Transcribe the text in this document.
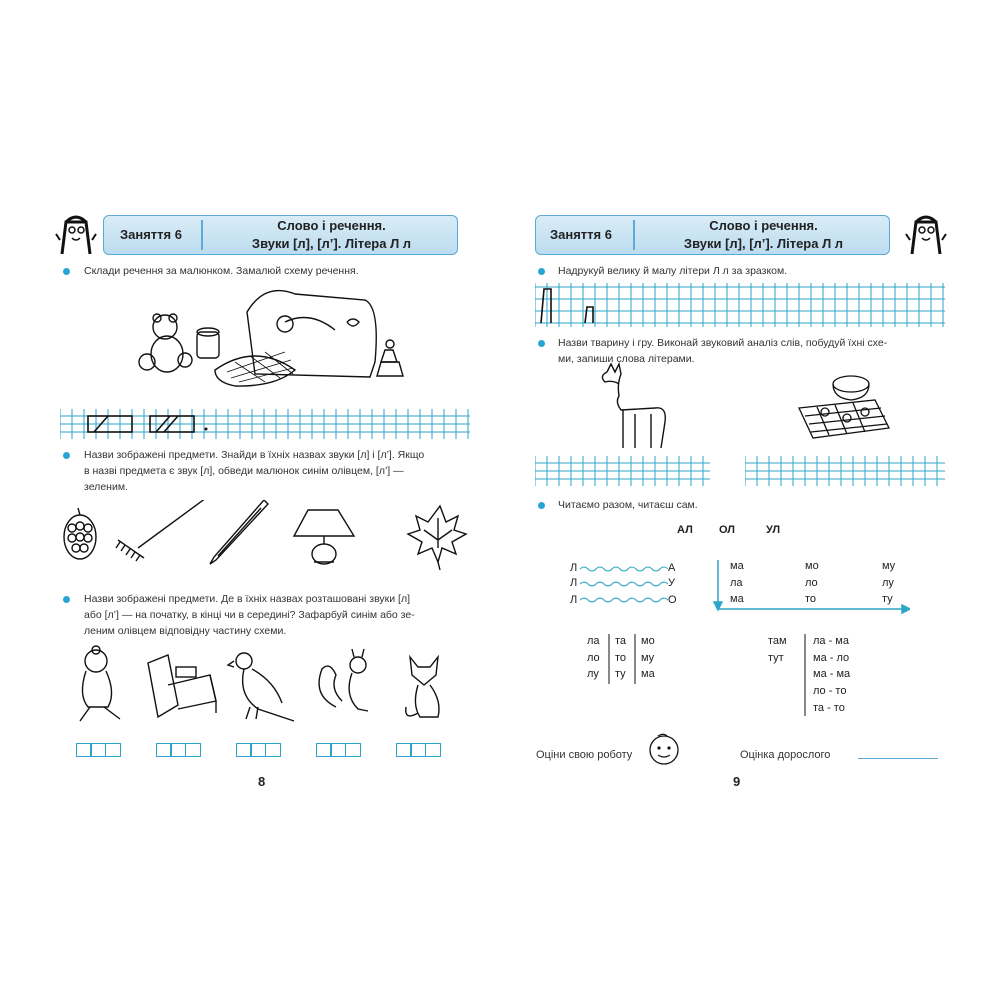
Заняття 6
Слово і речення.
Звуки [л], [л’]. Літера Л л
Склади речення за малюнком. Замалюй схему речення.
Назви зображені предмети. Знайди в їхніх назвах звуки [л] і [л’]. Якщо
в назві предмета є звук [л], обведи малюнок синім олівцем, [л’] —
зеленим.
Назви зображені предмети. Де в їхніх назвах розташовані звуки [л]
або [л’] — на початку, в кінці чи в середині? Зафарбуй синім або зе-
леним олівцем відповідну частину схеми.
8
Заняття 6
Слово і речення.
Звуки [л], [л’]. Літера Л л
Надрукуй велику й малу літери Л л за зразком.
Назви тварину і гру. Виконай звуковий аналіз слів, побудуй їхні схе-
ми, запиши слова літерами.
Читаємо разом, читаєш сам.
АЛ ОЛ	УЛ
Л	А
Л	У
Л	О
ма	мо	му
ла	ло	лу
ма	то	ту
ла та мо
ло то му
лу ту ма
там
тут
ла - ма
ма - ло
ма - ма
ло - то
та - то
Оціни свою роботу	Оцінка дорослого
9
